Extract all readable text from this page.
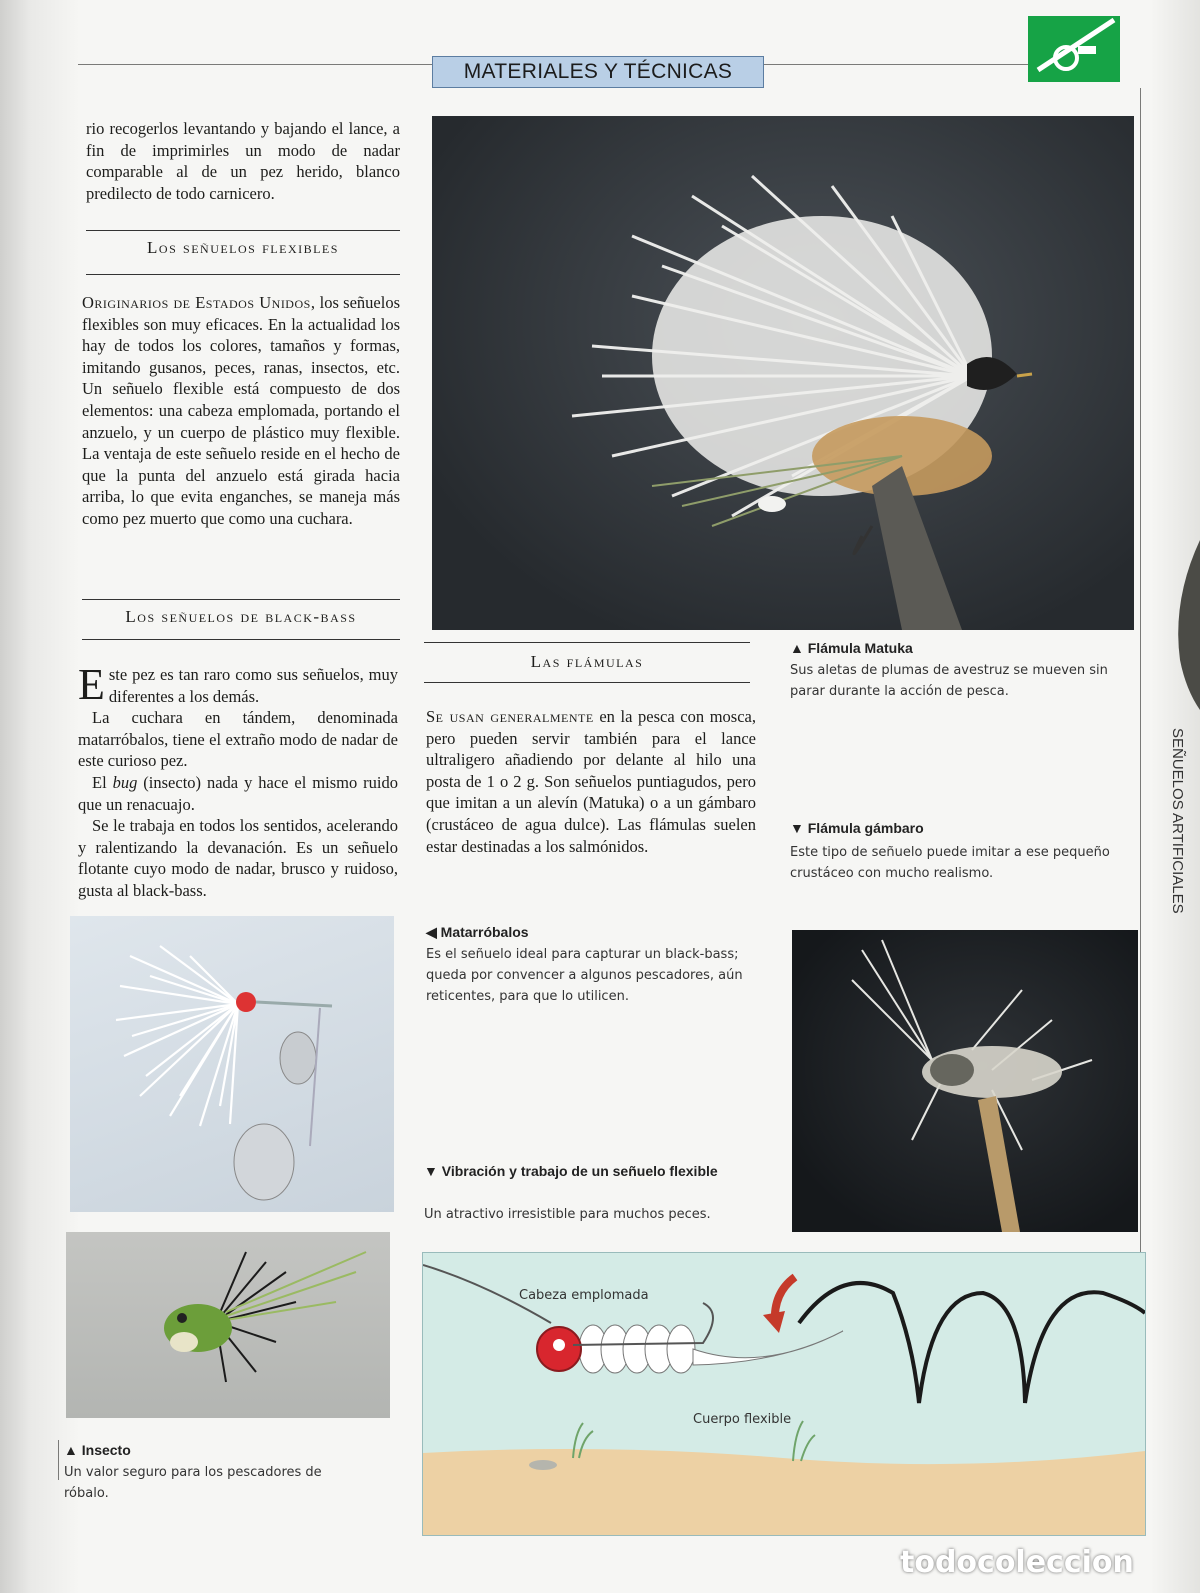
MATERIALES Y TÉCNICAS
rio recogerlos levantando y bajando el lance, a fin de imprimirles un modo de nadar comparable al de un pez herido, blanco predilecto de todo carnicero.
Los señuelos flexibles
Originarios de Estados Unidos, los señuelos flexibles son muy eficaces. En la actualidad los hay de todos los colores, tamaños y formas, imitando gusanos, peces, ranas, insectos, etc. Un señuelo flexible está compuesto de dos elementos: una cabeza emplomada, portando el anzuelo, y un cuerpo de plástico muy flexible. La ventaja de este señuelo reside en el hecho de que la punta del anzuelo está girada hacia arriba, lo que evita enganches, se maneja más como pez muerto que como una cuchara.
Los señuelos de black-bass
Este pez es tan raro como sus señuelos, muy diferentes a los demás.
La cuchara en tándem, denominada matarróbalos, tiene el extraño modo de nadar de este curioso pez.
El bug (insecto) nada y hace el mismo ruido que un renacuajo.
Se le trabaja en todos los sentidos, acelerando y ralentizando la devanación. Es un señuelo flotante cuyo modo de nadar, brusco y ruidoso, gusta al black-bass.
▲ Insecto
Un valor seguro para los pescadores de róbalo.
Las flámulas
Se usan generalmente en la pesca con mosca, pero pueden servir también para el lance ultraligero añadiendo por delante al hilo una posta de 1 o 2 g. Son señuelos puntiagudos, pero que imitan a un alevín (Matuka) o a un gámbaro (crustáceo de agua dulce). Las flámulas suelen estar destinadas a los salmónidos.
◀ Matarróbalos
Es el señuelo ideal para capturar un black-bass; queda por convencer a algunos pescadores, aún reticentes, para que lo utilicen.
▼ Vibración y trabajo de un señuelo flexible
Un atractivo irresistible para muchos peces.
▲ Flámula Matuka
Sus aletas de plumas de avestruz se mueven sin parar durante la acción de pesca.
▼ Flámula gámbaro
Este tipo de señuelo puede imitar a ese pequeño crustáceo con mucho realismo.
Cabeza emplomada
Cuerpo flexible
SEÑUELOS ARTIFICIALES
todocoleccion
